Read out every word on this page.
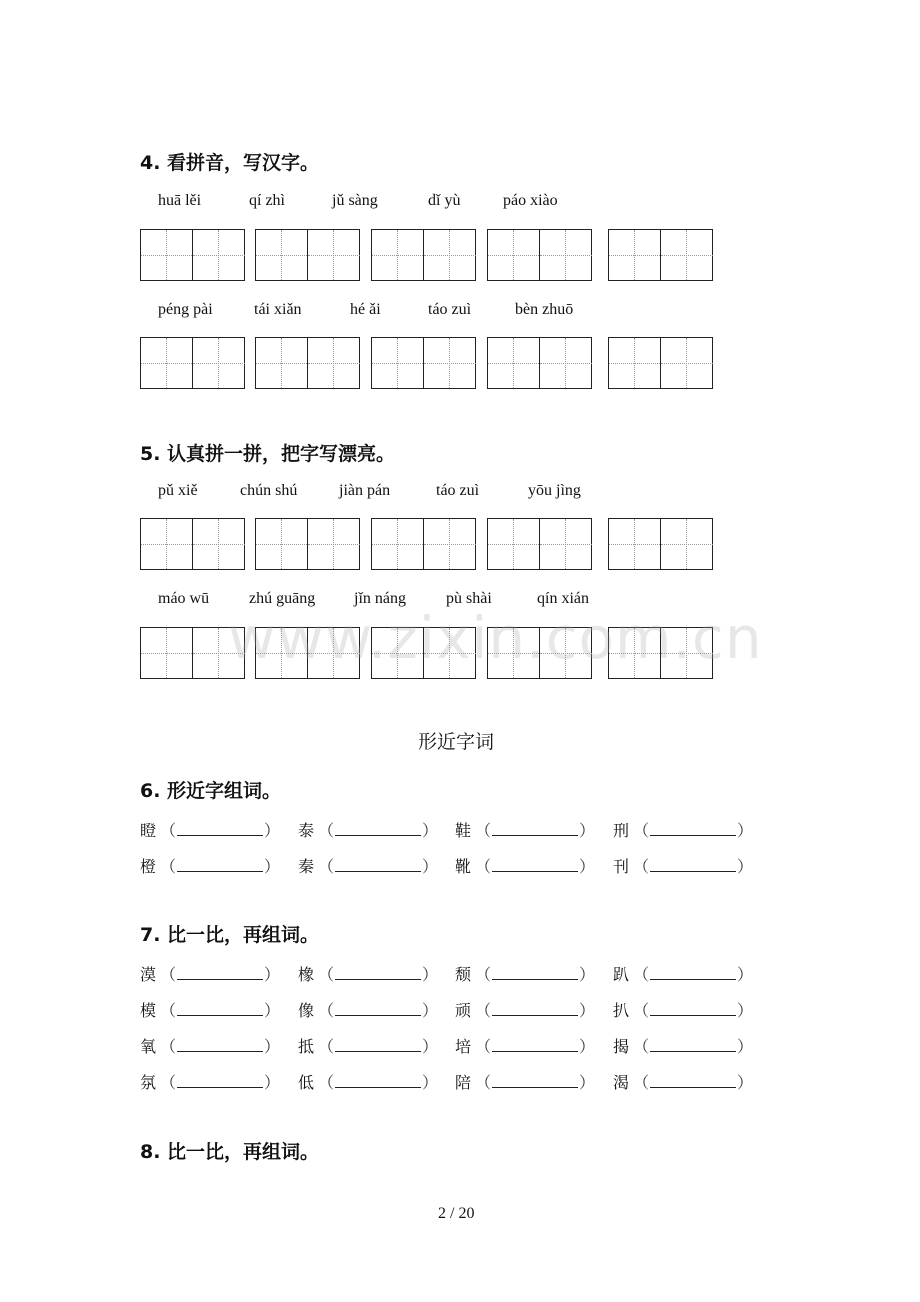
4. 看拼音，写汉字。
huā lěi	qí zhì	jǔ sàng	dǐ yù	páo xiào
péng pài	tái xiǎn	hé ǎi	táo zuì	bèn zhuō
5. 认真拼一拼，把字写漂亮。
pǔ xiě	chún shú	jiàn pán	táo zuì	yōu jìng
máo wū zhú guāng jǐn náng	pù shài	qín xián
www.zixin.com.cn
形近字词
6. 形近字组词。
瞪 （	） 泰 （	） 鞋 （	） 刑 （	）
橙 （	） 秦 （	） 靴 （	） 刊 （	）
7. 比一比，再组词。
漠 （	） 橡 （	） 颓 （	） 趴 （	）
模 （	） 像 （	） 顽 （	） 扒 （	）
氧 （	） 抵 （	） 培 （	） 揭 （	）
氛 （	） 低 （	） 陪 （	） 渴 （	）
8. 比一比，再组词。
2 / 20
